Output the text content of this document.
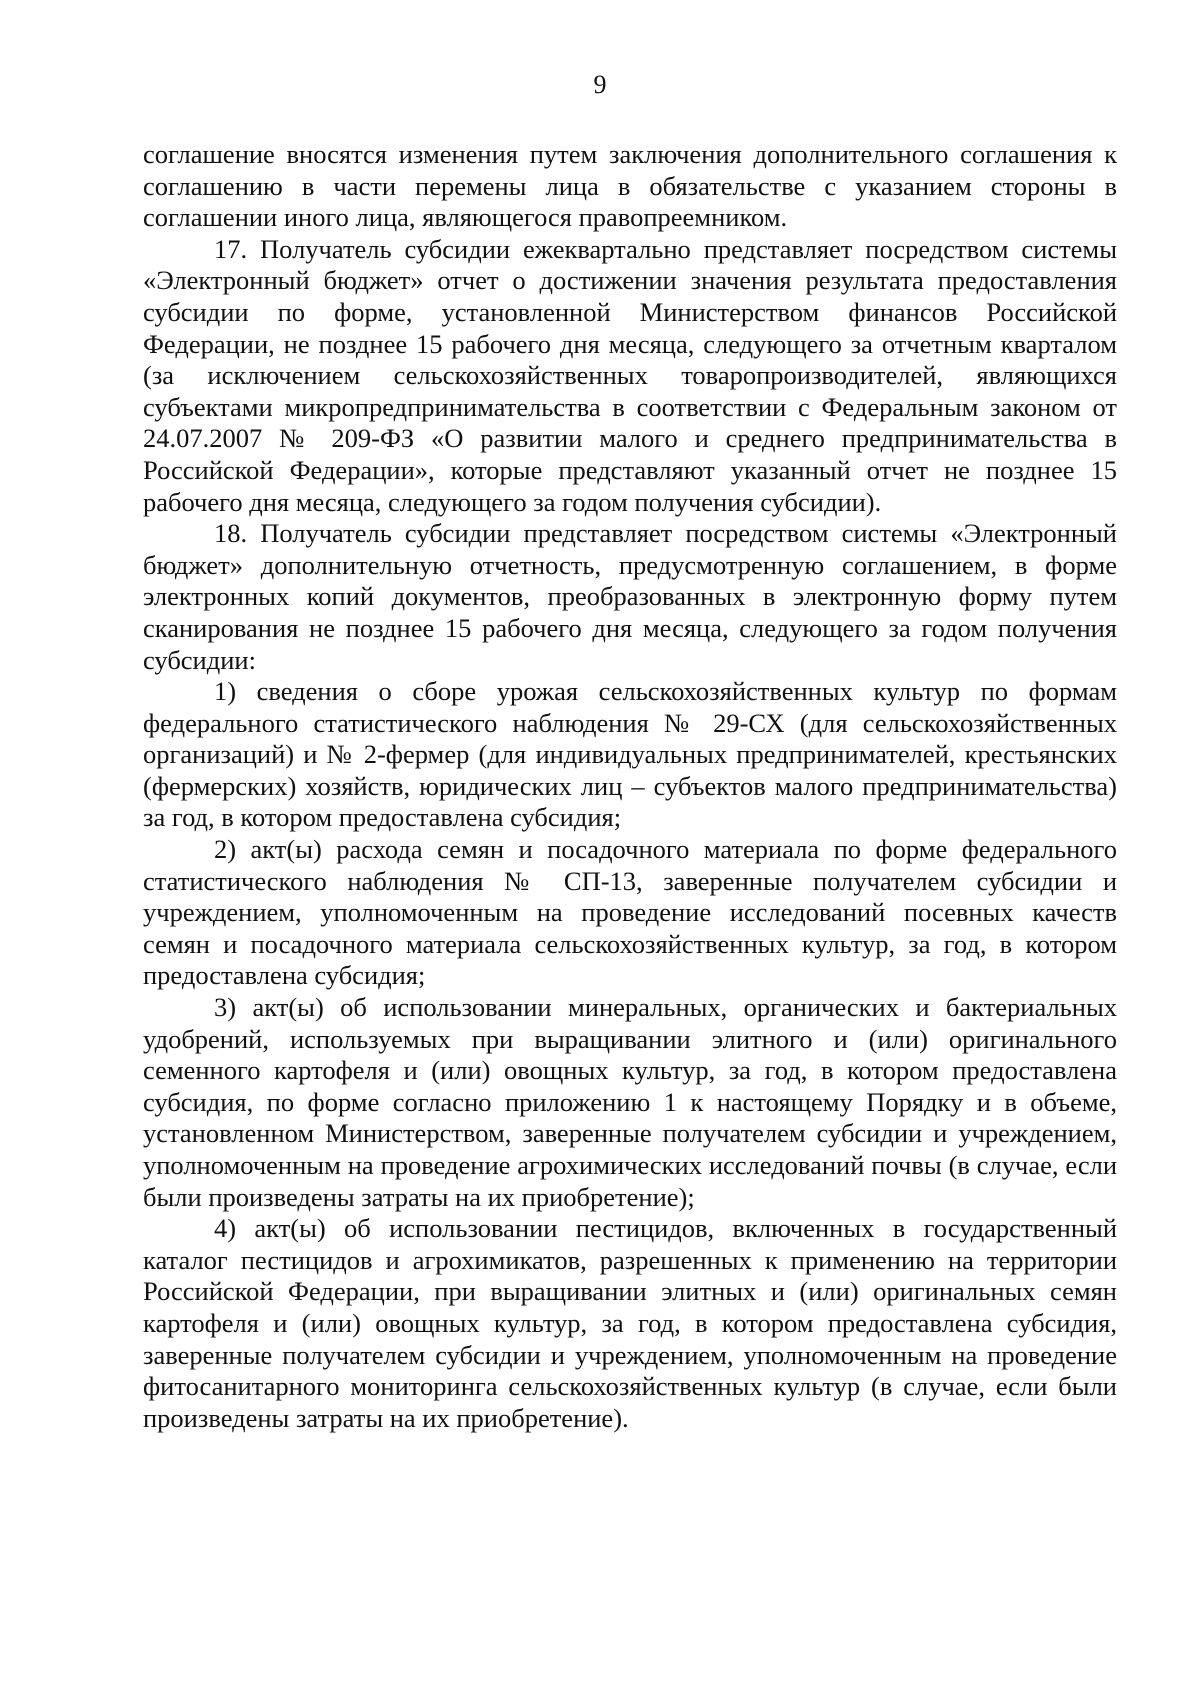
9

соглашение вносятся изменения путем заключения дополнительного соглашения к соглашению в части перемены лица в обязательстве с указанием стороны в соглашении иного лица, являющегося правопреемником.

17. Получатель субсидии ежеквартально представляет посредством системы «Электронный бюджет» отчет о достижении значения результата предоставления субсидии по форме, установленной Министерством финансов Российской Федерации, не позднее 15 рабочего дня месяца, следующего за отчетным кварталом (за исключением сельскохозяйственных товаропроизводителей, являющихся субъектами микропредпринимательства в соответствии с Федеральным законом от 24.07.2007 № 209-ФЗ «О развитии малого и среднего предпринимательства в Российской Федерации», которые представляют указанный отчет не позднее 15 рабочего дня месяца, следующего за годом получения субсидии).

18. Получатель субсидии представляет посредством системы «Электронный бюджет» дополнительную отчетность, предусмотренную соглашением, в форме электронных копий документов, преобразованных в электронную форму путем сканирования не позднее 15 рабочего дня месяца, следующего за годом получения субсидии:

1) сведения о сборе урожая сельскохозяйственных культур по формам федерального статистического наблюдения № 29-СХ (для сельскохозяйственных организаций) и № 2-фермер (для индивидуальных предпринимателей, крестьянских (фермерских) хозяйств, юридических лиц – субъектов малого предпринимательства) за год, в котором предоставлена субсидия;

2) акт(ы) расхода семян и посадочного материала по форме федерального статистического наблюдения № СП-13, заверенные получателем субсидии и учреждением, уполномоченным на проведение исследований посевных качеств семян и посадочного материала сельскохозяйственных культур, за год, в котором предоставлена субсидия;

3) акт(ы) об использовании минеральных, органических и бактериальных удобрений, используемых при выращивании элитного и (или) оригинального семенного картофеля и (или) овощных культур, за год, в котором предоставлена субсидия, по форме согласно приложению 1 к настоящему Порядку и в объеме, установленном Министерством, заверенные получателем субсидии и учреждением, уполномоченным на проведение агрохимических исследований почвы (в случае, если были произведены затраты на их приобретение);

4) акт(ы) об использовании пестицидов, включенных в государственный каталог пестицидов и агрохимикатов, разрешенных к применению на территории Российской Федерации, при выращивании элитных и (или) оригинальных семян картофеля и (или) овощных культур, за год, в котором предоставлена субсидия, заверенные получателем субсидии и учреждением, уполномоченным на проведение фитосанитарного мониторинга сельскохозяйственных культур (в случае, если были произведены затраты на их приобретение).
